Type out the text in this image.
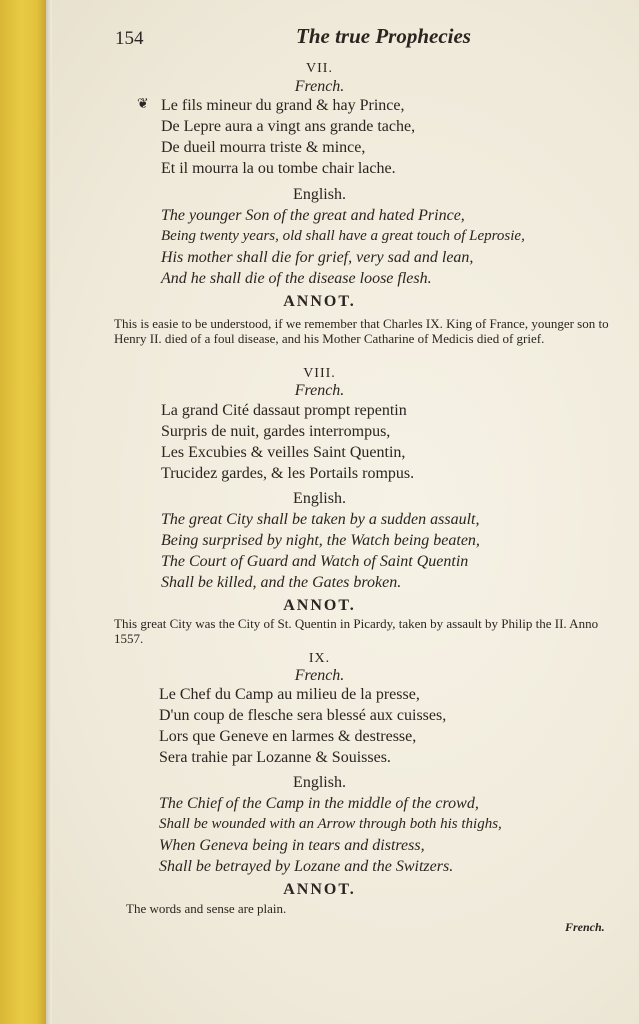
154	The true Prophecies
❦
VII.
French.
Le fils mineur du grand & hay Prince,
De Lepre aura a vingt ans grande tache,
De dueil mourra triste & mince,
Et il mourra la ou tombe chair lache.
English.
The younger Son of the great and hated Prince,
Being twenty years, old shall have a great touch of Leprosie,
His mother shall die for grief, very sad and lean,
And he shall die of the disease loose flesh.
ANNOT.
This is easie to be understood, if we remember that Charles IX. King of France, younger son to Henry II. died of a foul disease, and his Mother Catharine of Medicis died of grief.
VIII.
French.
La grand Cité dassaut prompt repentin
Surpris de nuit, gardes interrompus,
Les Excubies & veilles Saint Quentin,
Trucidez gardes, & les Portails rompus.
English.
The great City shall be taken by a sudden assault,
Being surprised by night, the Watch being beaten,
The Court of Guard and Watch of Saint Quentin
Shall be killed, and the Gates broken.
ANNOT.
This great City was the City of St. Quentin in Picardy, taken by assault by Philip the II. Anno 1557.
IX.
French.
Le Chef du Camp au milieu de la presse,
D'un coup de flesche sera blessé aux cuisses,
Lors que Geneve en larmes & destresse,
Sera trahie par Lozanne & Souisses.
English.
The Chief of the Camp in the middle of the crowd,
Shall be wounded with an Arrow through both his thighs,
When Geneva being in tears and distress,
Shall be betrayed by Lozane and the Switzers.
ANNOT.
The words and sense are plain.
French.
